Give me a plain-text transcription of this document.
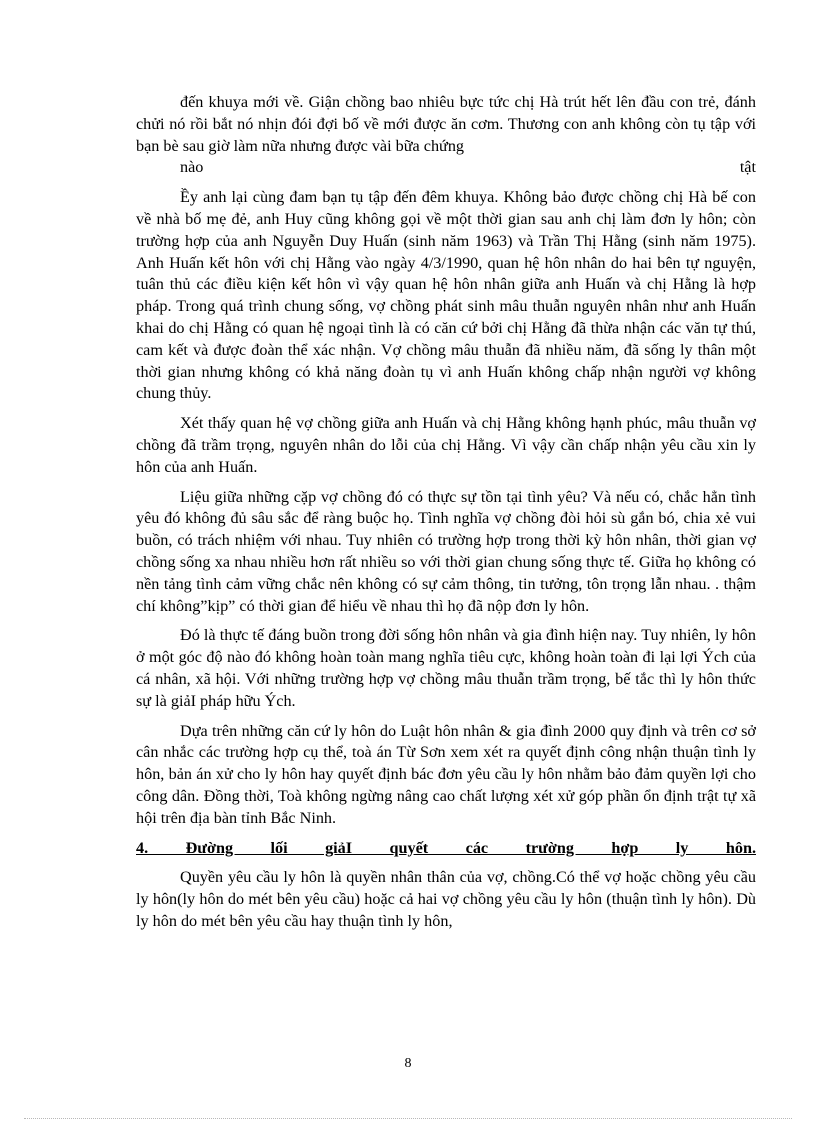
đến khuya mới về. Giận chồng bao nhiêu bực tức chị Hà trút hết lên đầu con trẻ, đánh chửi nó rồi bắt nó nhịn đói đợi bố về mới được ăn cơm. Thương con anh không còn tụ tập với bạn bè sau giờ làm nữa nhưng được vài bữa chứng
nào	tật

Ềy anh lại cùng đam bạn tụ tập đến đêm khuya. Không bảo được chồng chị Hà bế con về nhà bố mẹ đẻ, anh Huy cũng không gọi về một thời gian sau anh chị làm đơn ly hôn; còn trường hợp của anh Nguyễn Duy Huấn (sinh năm 1963) và Trần Thị Hằng (sinh năm 1975). Anh Huấn kết hôn với chị Hằng vào ngày 4/3/1990, quan hệ hôn nhân do hai bên tự nguyện, tuân thủ các điều kiện kết hôn vì vậy quan hệ hôn nhân giữa anh Huấn và chị Hằng là hợp pháp. Trong quá trình chung sống, vợ chồng phát sinh mâu thuẫn nguyên nhân như anh Huấn khai do chị Hằng có quan hệ ngoại tình là có căn cứ bởi chị Hằng đã thừa nhận các văn tự thú, cam kết và được đoàn thể xác nhận. Vợ chồng mâu thuẫn đã nhiều năm, đã sống ly thân một thời gian nhưng không có khả năng đoàn tụ vì anh Huấn không chấp nhận người vợ không chung thủy.

Xét thấy quan hệ vợ chồng giữa anh Huấn và chị Hằng không hạnh phúc, mâu thuẫn vợ chồng đã trầm trọng, nguyên nhân do lỗi của chị Hằng. Vì vậy cần chấp nhận yêu cầu xin ly hôn của anh Huấn.

Liệu giữa những cặp vợ chồng đó có thực sự tồn tại tình yêu? Và nếu có, chắc hẳn tình yêu đó không đủ sâu sắc để ràng buộc họ. Tình nghĩa vợ chồng đòi hỏi sù gắn bó, chia xẻ vui buồn, có trách nhiệm với nhau. Tuy nhiên có trường hợp trong thời kỳ hôn nhân, thời gian vợ chồng sống xa nhau nhiều hơn rất nhiều so với thời gian chung sống thực tế. Giữa họ không có nền tảng tình cảm vững chắc nên không có sự cảm thông, tin tưởng, tôn trọng lẫn nhau. . thậm chí không”kịp” có thời gian để hiểu về nhau thì họ đã nộp đơn ly hôn.

Đó là thực tế đáng buồn trong đời sống hôn nhân và gia đình hiện nay. Tuy nhiên, ly hôn ở một góc độ nào đó không hoàn toàn mang nghĩa tiêu cực, không hoàn toàn đi lại lợi Ých của cá nhân, xã hội. Với những trường hợp vợ chồng mâu thuẫn trầm trọng, bế tắc thì ly hôn thức sự là giảI pháp hữu Ých.

Dựa trên những căn cứ ly hôn do Luật hôn nhân & gia đình 2000 quy định và trên cơ sở cân nhắc các trường hợp cụ thể, toà án Từ Sơn xem xét ra quyết định công nhận thuận tình ly hôn, bản án xử cho ly hôn hay quyết định bác đơn yêu cầu ly hôn nhằm bảo đảm quyền lợi cho công dân. Đồng thời, Toà không ngừng nâng cao chất lượng xét xử góp phần ổn định trật tự xã hội trên địa bàn tỉnh Bắc Ninh.

4. Đường lối giảI quyết các trường hợp ly hôn.

Quyền yêu cầu ly hôn là quyền nhân thân của vợ, chồng.Có thể vợ hoặc chồng yêu cầu ly hôn(ly hôn do mét bên yêu cầu) hoặc cả hai vợ chồng yêu cầu ly hôn (thuận tình ly hôn). Dù ly hôn do mét bên yêu cầu hay thuận tình ly hôn,

8
